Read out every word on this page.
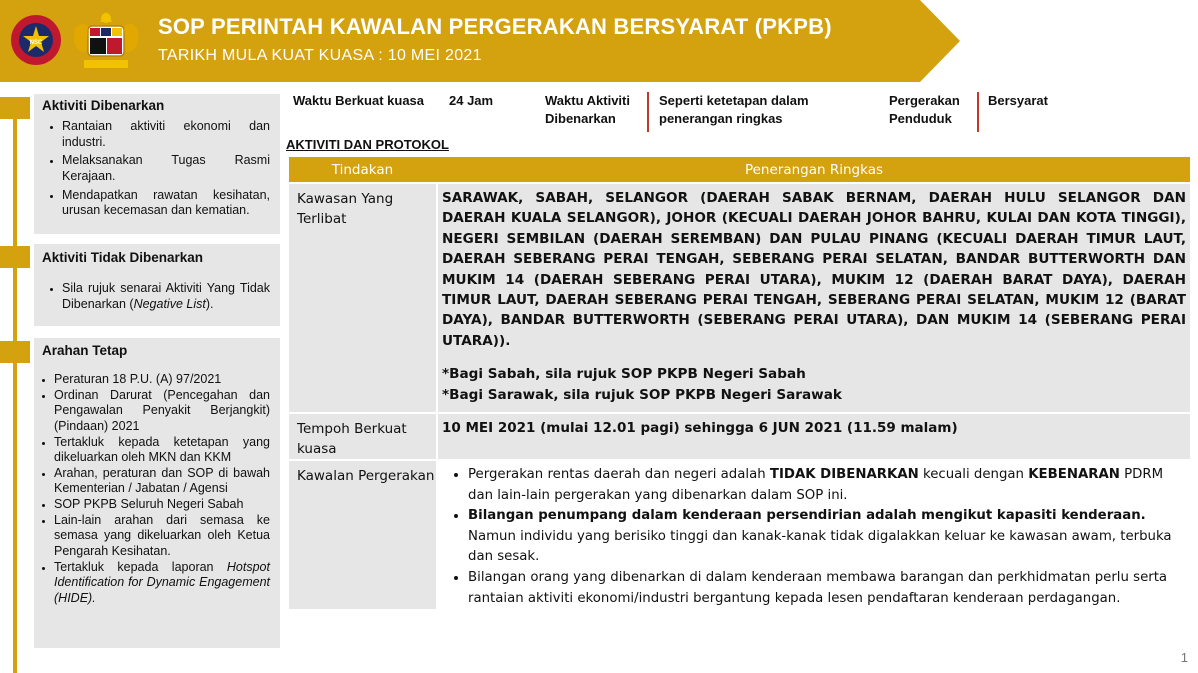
NSC
SOP PERINTAH KAWALAN PERGERAKAN BERSYARAT (PKPB)
TARIKH MULA KUAT KUASA : 10 MEI 2021
Aktiviti Dibenarkan
• Rantaian aktiviti ekonomi dan industri.
• Melaksanakan Tugas Rasmi Kerajaan.
• Mendapatkan rawatan kesihatan, urusan kecemasan dan kematian.
Aktiviti Tidak Dibenarkan
• Sila rujuk senarai Aktiviti Yang Tidak Dibenarkan (Negative List).
Arahan Tetap
• Peraturan 18 P.U. (A) 97/2021
• Ordinan Darurat (Pencegahan dan Pengawalan Penyakit Berjangkit) (Pindaan) 2021
• Tertakluk kepada ketetapan yang dikeluarkan oleh MKN dan KKM
• Arahan, peraturan dan SOP di bawah Kementerian / Jabatan / Agensi
• SOP PKPB Seluruh Negeri Sabah
• Lain-lain arahan dari semasa ke semasa yang dikeluarkan oleh Ketua Pengarah Kesihatan.
• Tertakluk kepada laporan Hotspot Identification for Dynamic Engagement (HIDE).
Waktu Berkuat kuasa	24 Jam	Waktu Aktiviti Dibenarkan
Seperti ketetapan dalam penerangan ringkas
Pergerakan Penduduk
Bersyarat
AKTIVITI DAN PROTOKOL
Tindakan	Penerangan Ringkas
Kawasan Yang Terlibat

SARAWAK, SABAH, SELANGOR (DAERAH SABAK BERNAM, DAERAH HULU SELANGOR DAN DAERAH KUALA SELANGOR), JOHOR (KECUALI DAERAH JOHOR BAHRU, KULAI DAN KOTA TINGGI), NEGERI SEMBILAN (DAERAH SEREMBAN) DAN PULAU PINANG (KECUALI DAERAH TIMUR LAUT, DAERAH SEBERANG PERAI TENGAH, SEBERANG PERAI SELATAN, BANDAR BUTTERWORTH DAN MUKIM 14 (DAERAH SEBERANG PERAI UTARA), MUKIM 12 (DAERAH BARAT DAYA), DAERAH TIMUR LAUT, DAERAH SEBERANG PERAI TENGAH, SEBERANG PERAI SELATAN, MUKIM 12 (BARAT DAYA), BANDAR BUTTERWORTH (SEBERANG PERAI UTARA), DAN MUKIM 14 (SEBERANG PERAI UTARA)).

*Bagi Sabah, sila rujuk SOP PKPB Negeri Sabah

*Bagi Sarawak, sila rujuk SOP PKPB Negeri Sarawak

Tempoh Berkuat kuasa
10 MEI 2021 (mulai 12.01 pagi) sehingga 6 JUN 2021 (11.59 malam)
Kawalan Pergerakan
•	Pergerakan rentas daerah dan negeri adalah TIDAK DIBENARKAN kecuali dengan KEBENARAN PDRM dan lain-lain pergerakan yang dibenarkan dalam SOP ini.
• Bilangan penumpang dalam kenderaan persendirian adalah mengikut kapasiti kenderaan. Namun individu yang berisiko tinggi dan kanak-kanak tidak digalakkan keluar ke kawasan awam, terbuka dan sesak.
• Bilangan orang yang dibenarkan di dalam kenderaan membawa barangan dan perkhidmatan perlu serta rantaian aktiviti ekonomi/industri bergantung kepada lesen pendaftaran kenderaan perdagangan.
1
